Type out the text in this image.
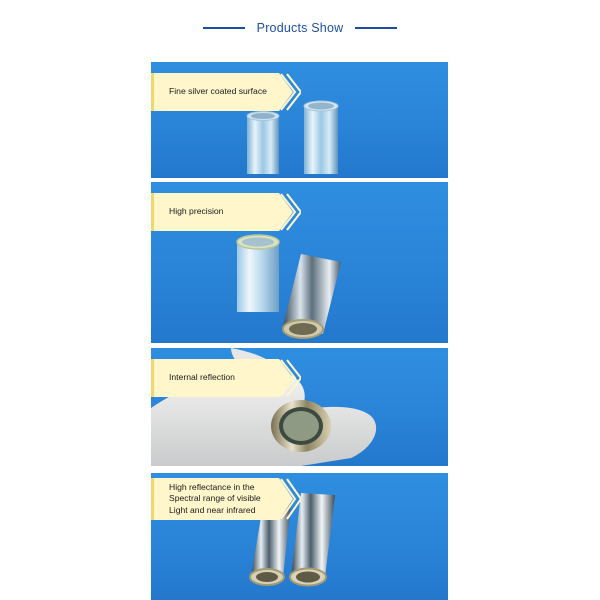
Products Show
Fine silver coated surface
High precision
Internal reflection
High reflectance in the
Spectral range of visible
Light and near infrared
